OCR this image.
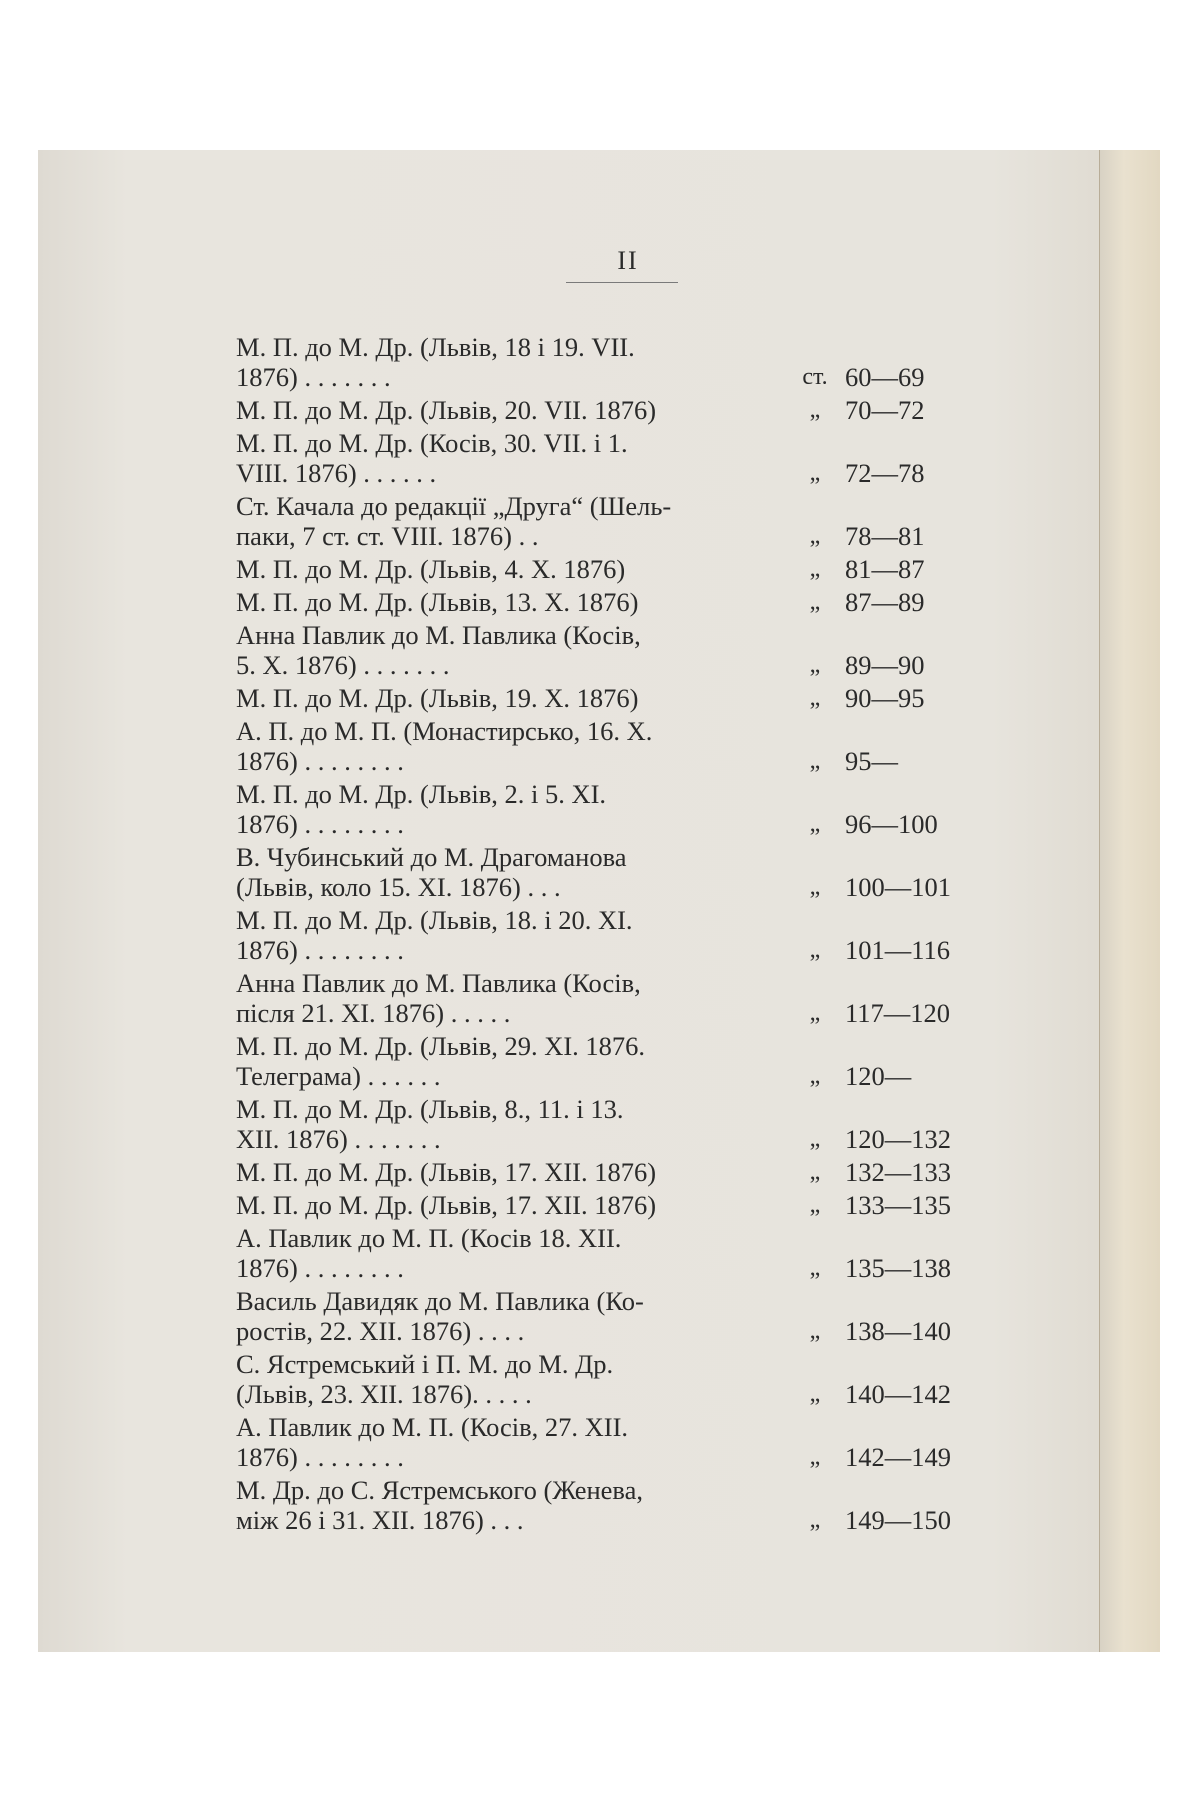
II
М. П. до М. Др. (Львів, 18 і 19. VII.
1876) . . . . . . .	ст. 60—69
М. П. до М. Др. (Львів, 20. VII. 1876)	„ 70—72
М. П. до М. Др. (Косів, 30. VII. і 1.
VIII. 1876) . . . . . .	„ 72—78
Ст. Качала до редакції „Друга“ (Шель-
паки, 7 ст. ст. VIII. 1876) . .	„ 78—81
М. П. до М. Др. (Львів, 4. X. 1876)	„ 81—87
М. П. до М. Др. (Львів, 13. X. 1876)	„ 87—89
Анна Павлик до М. Павлика (Косів,
5. X. 1876) . . . . . . .	„ 89—90
М. П. до М. Др. (Львів, 19. X. 1876)	„ 90—95
А. П. до М. П. (Монастирсько, 16. X.
1876) . . . . . . . .	„ 95—
М. П. до М. Др. (Львів, 2. і 5. XI.
1876) . . . . . . . .	„ 96—100
В. Чубинський до М. Драгоманова
(Львів, коло 15. XI. 1876) . . .	„ 100—101
М. П. до М. Др. (Львів, 18. і 20. XI.
1876) . . . . . . . .	„ 101—116
Анна Павлик до М. Павлика (Косів,
після 21. XI. 1876) . . . . .	„ 117—120
М. П. до М. Др. (Львів, 29. XI. 1876.
Телеграма) . . . . . .	„ 120—
М. П. до М. Др. (Львів, 8., 11. і 13.
XII. 1876) . . . . . . .	„ 120—132
М. П. до М. Др. (Львів, 17. XII. 1876)	„ 132—133
М. П. до М. Др. (Львів, 17. XII. 1876)	„ 133—135
А. Павлик до М. П. (Косів 18. XII.
1876) . . . . . . . .	„ 135—138
Василь Давидяк до М. Павлика (Ко-
ростів, 22. XII. 1876) . . . .	„ 138—140
С. Ястремський і П. М. до М. Др.
(Львів, 23. XII. 1876). . . . .	„ 140—142
А. Павлик до М. П. (Косів, 27. XII.
1876) . . . . . . . .	„ 142—149
М. Др. до С. Ястремського (Женева,
між 26 і 31. XII. 1876) . . .	„ 149—150
